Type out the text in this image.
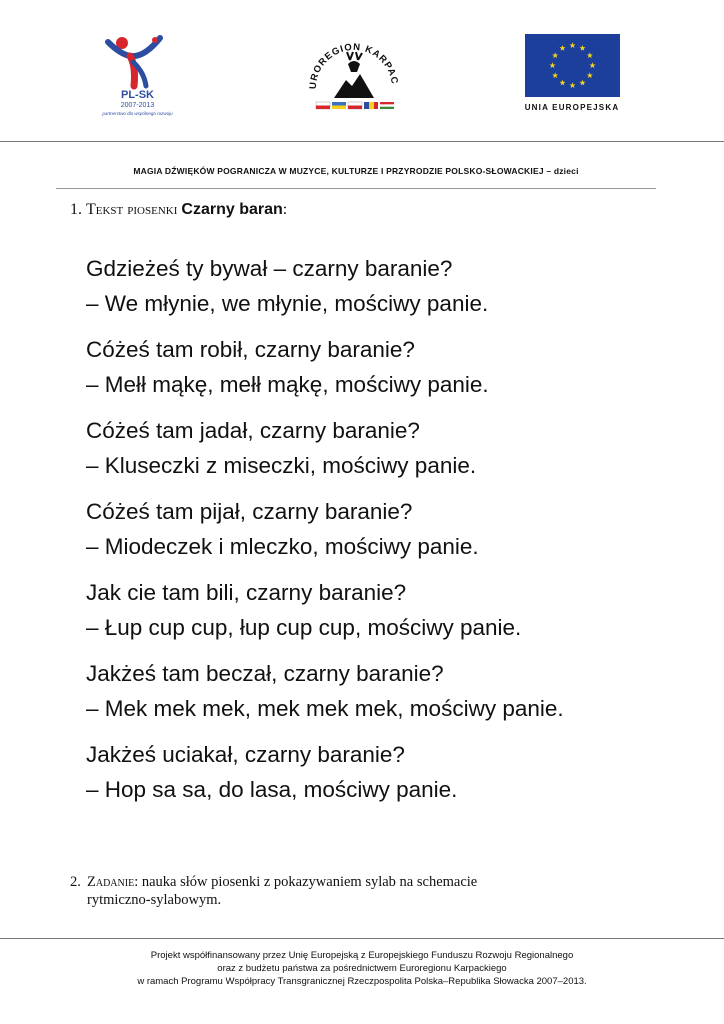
PL-SK
2007-2013
partnerstwo dla wspólnego rozwoju
UROREGION KARPAC
UNIA EUROPEJSKA
MAGIA DŹWIĘKÓW POGRANICZA W MUZYCE, KULTURZE I PRZYRODZIE POLSKO-SŁOWACKIEJ – dzieci
1. Tekst piosenki Czarny baran:
Gdzieżeś ty bywał – czarny baranie?
– We młynie, we młynie, mościwy panie.
Cóżeś tam robił, czarny baranie?
– Mełł mąkę, mełł mąkę, mościwy panie.
Cóżeś tam jadał, czarny baranie?
– Kluseczki z miseczki, mościwy panie.
Cóżeś tam pijał, czarny baranie?
– Miodeczek i mleczko, mościwy panie.
Jak cie tam bili, czarny baranie?
– Łup cup cup, łup cup cup, mościwy panie.
Jakżeś tam beczał, czarny baranie?
– Mek mek mek, mek mek mek, mościwy panie.
Jakżeś uciakał, czarny baranie?
– Hop sa sa, do lasa, mościwy panie.
2. Zadanie: nauka słów piosenki z pokazywaniem sylab na schemacie
rytmiczno-sylabowym.
Projekt współfinansowany przez Unię Europejską z Europejskiego Funduszu Rozwoju Regionalnego
oraz z budżetu państwa za pośrednictwem Euroregionu Karpackiego
w ramach Programu Współpracy Transgranicznej Rzeczpospolita Polska–Republika Słowacka 2007–2013.
